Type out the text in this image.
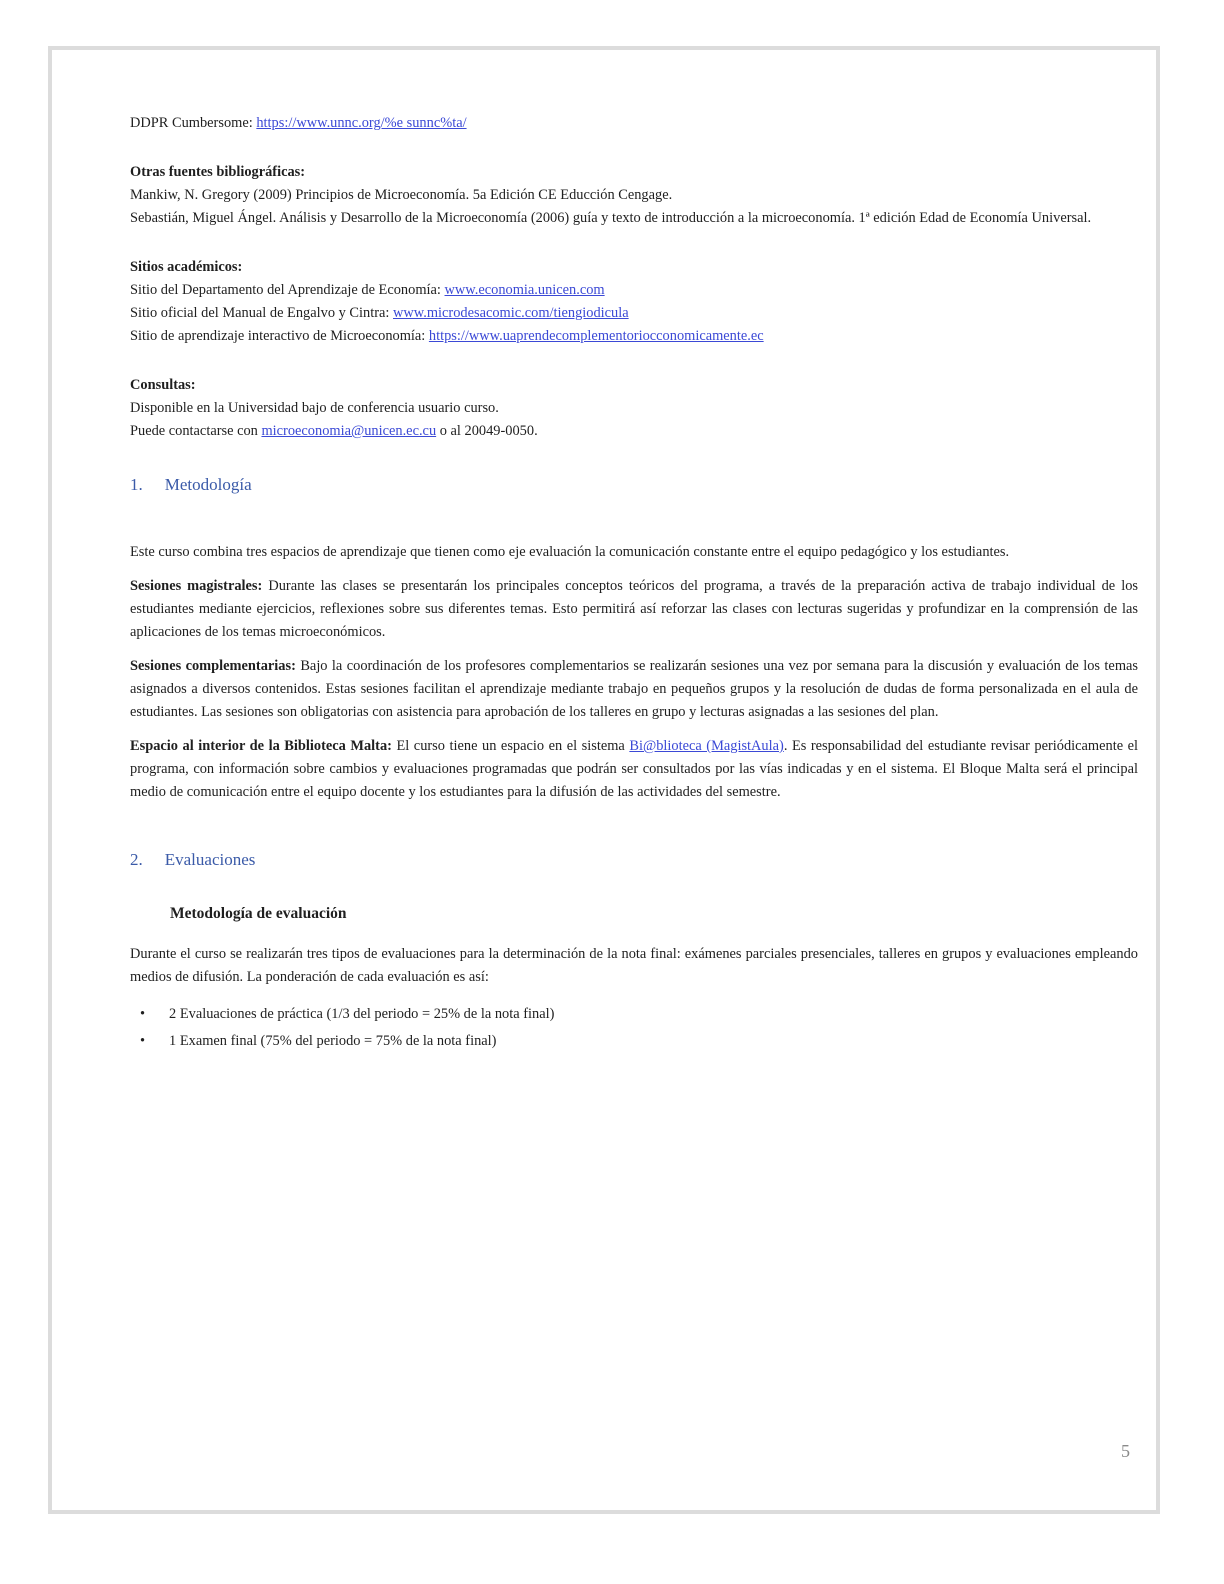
DDPR Cumbersome: https://www.unnc.org/%e sunnc%ta/

Otras fuentes bibliográficas:

Mankiw, N. Gregory (2009) Principios de Microeconomía. 5a Edición CE Educción Cengage.

Sebastián, Miguel Ángel. Análisis y Desarrollo de la Microeconomía (2006) guía y texto de introducción a la microeconomía. 1ª edición Edad de Economía Universal.

Sitios académicos:

Sitio del Departamento del Aprendizaje de Economía: www.economia.unicen.com

Sitio oficial del Manual de Engalvo y Cintra: www.microdesacomic.com/tiengiodicula

Sitio de aprendizaje interactivo de Microeconomía: https://www.uaprendecomplementoriocconomicamente.ec

Consultas:

Disponible en la Universidad bajo de conferencia usuario curso.

Puede contactarse con microeconomia@unicen.ec.cu o al 20049-0050.

1. Metodología

Este curso combina tres espacios de aprendizaje que tienen como eje evaluación la comunicación constante entre el equipo pedagógico y los estudiantes.

Sesiones magistrales: Durante las clases se presentarán los principales conceptos teóricos del programa, a través de la preparación activa de trabajo individual de los estudiantes mediante ejercicios, reflexiones sobre sus diferentes temas. Esto permitirá así reforzar las clases con lecturas sugeridas y profundizar en la comprensión de las aplicaciones de los temas microeconómicos.

Sesiones complementarias: Bajo la coordinación de los profesores complementarios se realizarán sesiones una vez por semana para la discusión y evaluación de los temas asignados a diversos contenidos. Estas sesiones facilitan el aprendizaje mediante trabajo en pequeños grupos y la resolución de dudas de forma personalizada en el aula de estudiantes. Las sesiones son obligatorias con asistencia para aprobación de los talleres en grupo y lecturas asignadas a las sesiones del plan.

Espacio al interior de la Biblioteca Malta: El curso tiene un espacio en el sistema Bi@blioteca (MagistAula). Es responsabilidad del estudiante revisar periódicamente el programa, con información sobre cambios y evaluaciones programadas que podrán ser consultados por las vías indicadas y en el sistema. El Bloque Malta será el principal medio de comunicación entre el equipo docente y los estudiantes para la difusión de las actividades del semestre.

2. Evaluaciones

Metodología de evaluación

Durante el curso se realizarán tres tipos de evaluaciones para la determinación de la nota final: exámenes parciales presenciales, talleres en grupos y evaluaciones empleando medios de difusión. La ponderación de cada evaluación es así:

• 2 Evaluaciones de práctica (1/3 del periodo = 25% de la nota final)
• 1 Examen final (75% del periodo = 75% de la nota final)
5
